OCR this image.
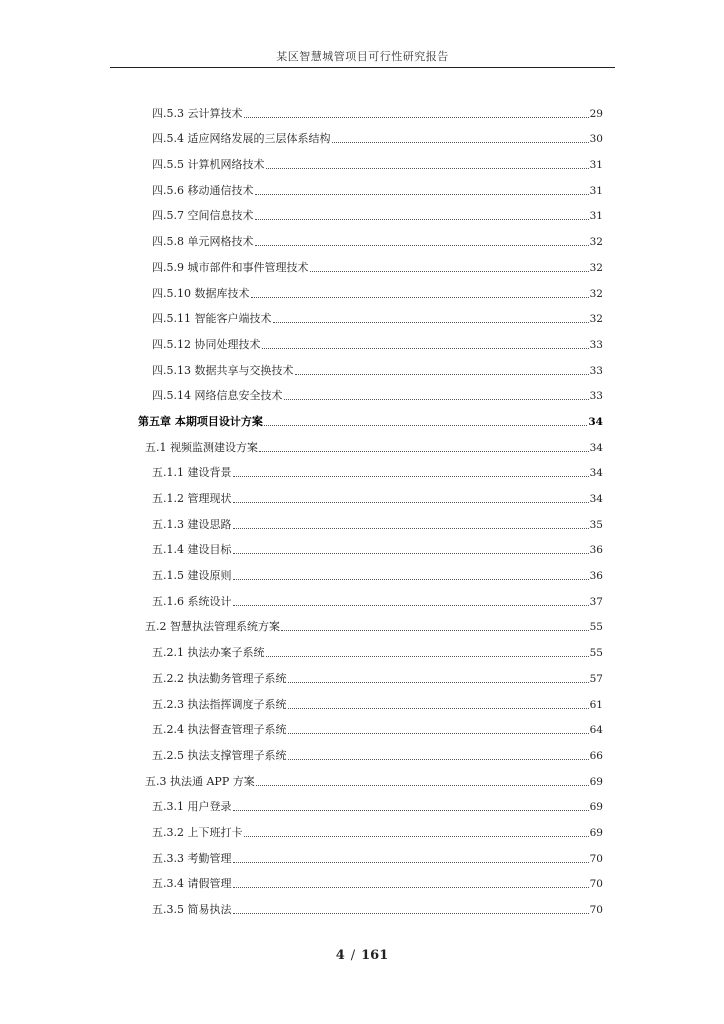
某区智慧城管项目可行性研究报告
四.5.3 云计算技术	29
四.5.4 适应网络发展的三层体系结构	30
四.5.5 计算机网络技术	31
四.5.6 移动通信技术	31
四.5.7 空间信息技术	31
四.5.8 单元网格技术	32
四.5.9 城市部件和事件管理技术	32
四.5.10 数据库技术	32
四.5.11 智能客户端技术	32
四.5.12 协同处理技术	33
四.5.13 数据共享与交换技术	33
四.5.14 网络信息安全技术	33
第五章 本期项目设计方案	34
五.1 视频监测建设方案	34
五.1.1 建设背景	34
五.1.2 管理现状	34
五.1.3 建设思路	35
五.1.4 建设目标	36
五.1.5 建设原则	36
五.1.6 系统设计	37
五.2 智慧执法管理系统方案	55
五.2.1 执法办案子系统	55
五.2.2 执法勤务管理子系统	57
五.2.3 执法指挥调度子系统	61
五.2.4 执法督查管理子系统	64
五.2.5 执法支撑管理子系统	66
五.3 执法通 APP 方案	69
五.3.1 用户登录	69
五.3.2 上下班打卡	69
五.3.3 考勤管理	70
五.3.4 请假管理	70
五.3.5 简易执法	70
4 / 161
